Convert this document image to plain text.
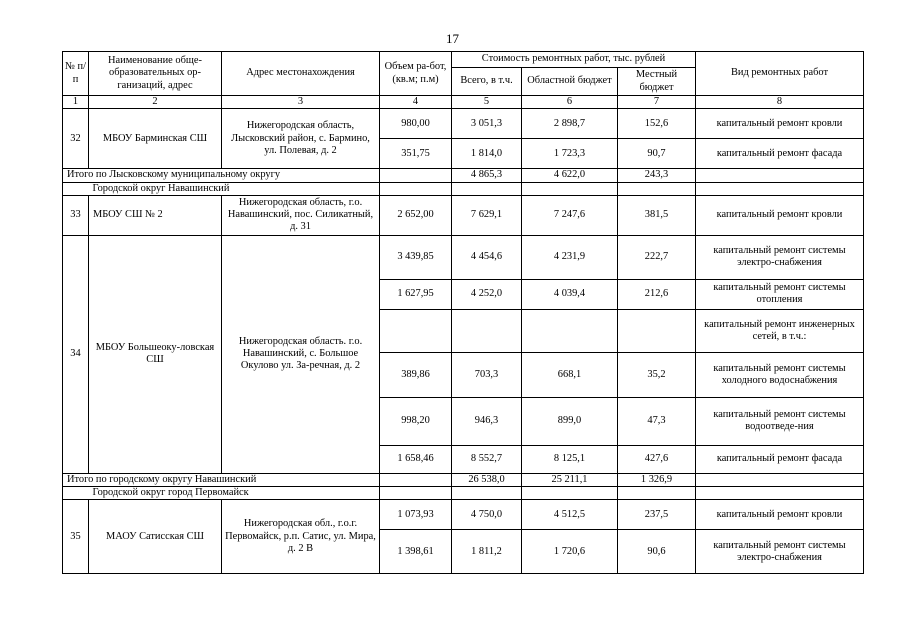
17
№ п/п	Наименование обще-образовательных ор-ганизаций, адрес	Адрес местонахождения	Объем ра-бот, (кв.м; п.м)	Стоимость ремонтных работ, тыс. рублей			Вид ремонтных работ
				Всего, в т.ч.	Областной бюджет	Местный бюджет	
1	2	3	4	5	6	7	8
32	МБОУ Барминская СШ	Нижегородская область, Лысковский район, с. Бармино, ул. Полевая, д. 2	980,00	3 051,3	2 898,7	152,6	капитальный ремонт кровли
			351,75	1 814,0	1 723,3	90,7	капитальный ремонт фасада
Итого по Лысковскому муниципальному округу				4 865,3	4 622,0	243,3	
	Городской округ Навашинский						
33	МБОУ СШ № 2	Нижегородская область, г.о. Навашинский, пос. Силикатный, д. 31	2 652,00	7 629,1	7 247,6	381,5	капитальный ремонт кровли
34	МБОУ Большеоку-ловская СШ	Нижегородская область. г.о. Навашинский, с. Большое Окулово ул. За-речная, д. 2	3 439,85	4 454,6	4 231,9	222,7	капитальный ремонт системы электро-снабжения
			1 627,95	4 252,0	4 039,4	212,6	капитальный ремонт системы отопления
							капитальный ремонт инженерных сетей, в т.ч.:
			389,86	703,3	668,1	35,2	капитальный ремонт системы холодного водоснабжения
			998,20	946,3	899,0	47,3	капитальный ремонт системы водоотведе-ния
			1 658,46	8 552,7	8 125,1	427,6	капитальный ремонт фасада
Итого по городскому округу Навашинский				26 538,0	25 211,1	1 326,9	
	Городской округ город Первомайск						
35	МАОУ Сатисская СШ	Нижегородская обл., г.о.г. Первомайск, р.п. Сатис, ул. Мира, д. 2 В	1 073,93	4 750,0	4 512,5	237,5	капитальный ремонт кровли
			1 398,61	1 811,2	1 720,6	90,6	капитальный ремонт системы электро-снабжения
